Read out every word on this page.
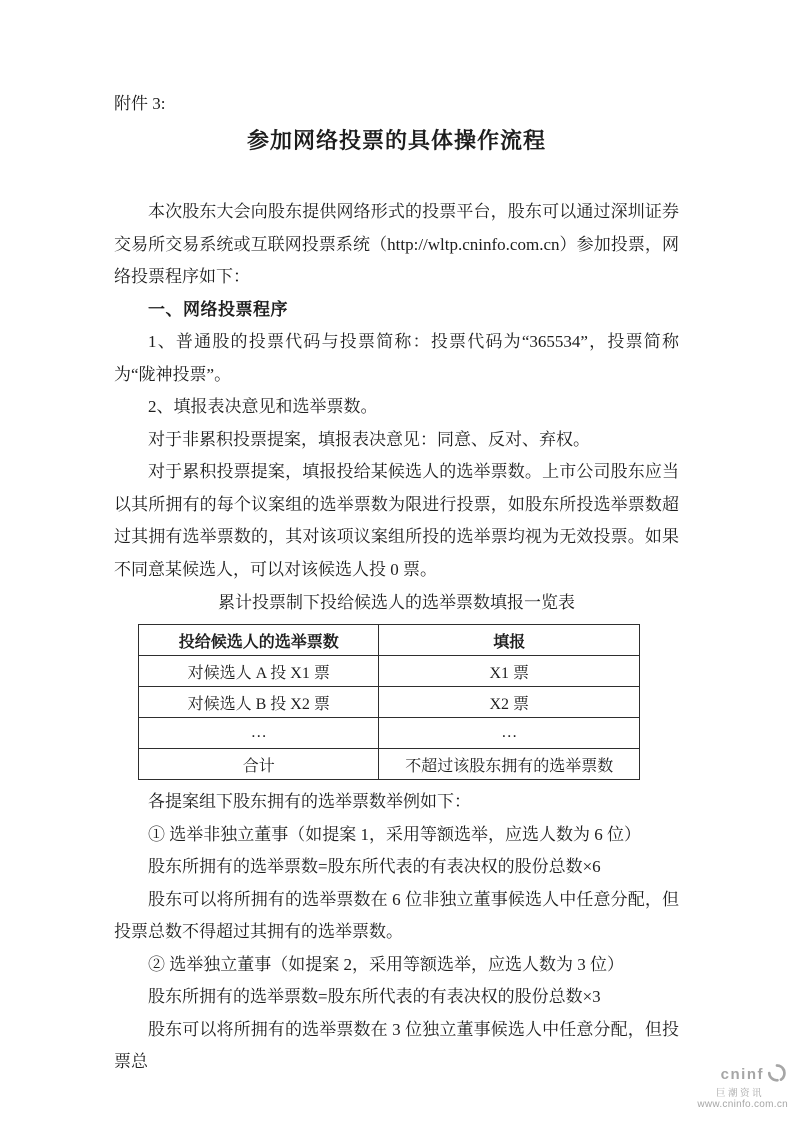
附件 3:
参加网络投票的具体操作流程

本次股东大会向股东提供网络形式的投票平台，股东可以通过深圳证券交易所交易系统或互联网投票系统（http://wltp.cninfo.com.cn）参加投票，网络投票程序如下：

一、网络投票程序

1、普通股的投票代码与投票简称：投票代码为“365534”，投票简称为“陇神投票”。

2、填报表决意见和选举票数。

对于非累积投票提案，填报表决意见：同意、反对、弃权。

对于累积投票提案，填报投给某候选人的选举票数。上市公司股东应当以其所拥有的每个议案组的选举票数为限进行投票，如股东所投选举票数超过其拥有选举票数的，其对该项议案组所投的选举票均视为无效投票。如果不同意某候选人，可以对该候选人投 0 票。

累计投票制下投给候选人的选举票数填报一览表
投给候选人的选举票数	填报
对候选人 A 投 X1 票	X1 票
对候选人 B 投 X2 票	X2 票
…	…
合计	不超过该股东拥有的选举票数

各提案组下股东拥有的选举票数举例如下：

① 选举非独立董事（如提案 1，采用等额选举，应选人数为 6 位）

股东所拥有的选举票数=股东所代表的有表决权的股份总数×6

股东可以将所拥有的选举票数在 6 位非独立董事候选人中任意分配，但投票总数不得超过其拥有的选举票数。

② 选举独立董事（如提案 2，采用等额选举，应选人数为 3 位）

股东所拥有的选举票数=股东所代表的有表决权的股份总数×3

股东可以将所拥有的选举票数在 3 位独立董事候选人中任意分配，但投票总

cninf
巨潮资讯
www.cninfo.com.cn
